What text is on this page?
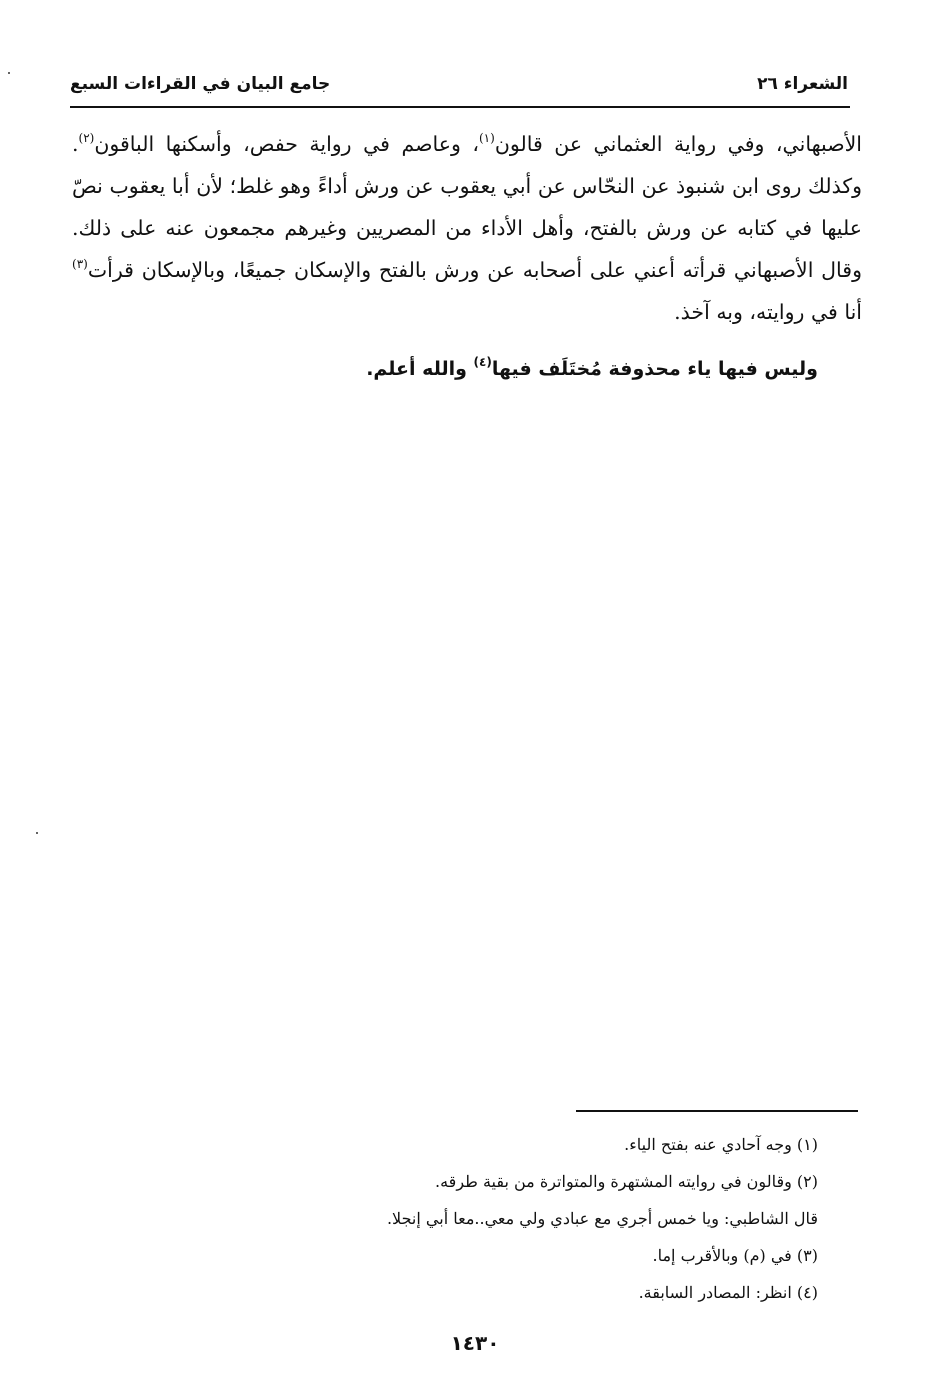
الشعراء ٢٦
جامع البيان في القراءات السبع

الأصبهاني، وفي رواية العثماني عن قالون$^{(١)}$، وعاصم في رواية حفص، وأسكنها الباقون$^{(٢)}$. وكذلك روى ابن شنبوذ عن النحّاس عن أبي يعقوب عن ورش أداءً وهو غلط؛ لأن أبا يعقوب نصّ عليها في كتابه عن ورش بالفتح، وأهل الأداء من المصريين وغيرهم مجمعون عنه على ذلك. وقال الأصبهاني قرأته أعني على أصحابه عن ورش بالفتح والإسكان جميعًا، وبالإسكان قرأت$^{(٣)}$ أنا في روايته، وبه آخذ.

وليس فيها ياء محذوفة مُختَلَف فيها$^{(٤)}$ والله أعلم.
(١) وجه آحادي عنه بفتح الياء.
(٢) وقالون في روايته المشتهرة والمتواترة من بقية طرقه.
قال الشاطبي: ويا خمس أجري مع عبادي ولي معي..معا أبي إنجلا.
(٣) في (م) وبالأقرب إما.
(٤) انظر: المصادر السابقة.
١٤٣٠
